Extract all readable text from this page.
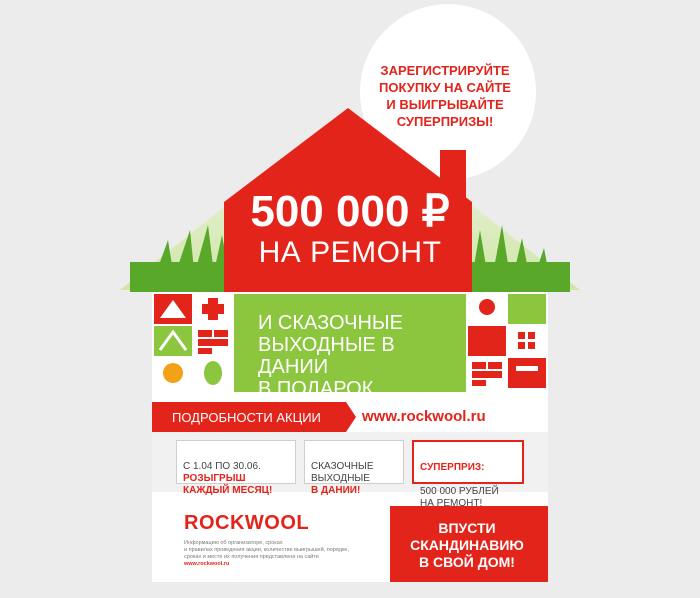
ЗАРЕГИСТРИРУЙТЕ
ПОКУПКУ НА САЙТЕ
И ВЫИГРЫВАЙТЕ
СУПЕРПРИЗЫ!
500 000 ₽
НА РЕМОНТ
И СКАЗОЧНЫЕ
ВЫХОДНЫЕ В ДАНИИ
В ПОДАРОК
ПОДРОБНОСТИ АКЦИИ	www.rockwool.ru

С 1.04 ПО 30.06.

РОЗЫГРЫШ
КАЖДЫЙ МЕСЯЦ!

СКАЗОЧНЫЕ
ВЫХОДНЫЕ

В ДАНИИ!

СУПЕРПРИЗ:

500 000 РУБЛЕЙ
НА РЕМОНТ!

ROCKWOOL
Информацию об организаторе, сроках
и правилах проведения акции, количестве выигрышей, порядке,
сроках и месте их получения представлена на сайте
www.rockwool.ru
ВПУСТИ
СКАНДИНАВИЮ
В СВОЙ ДОМ!
